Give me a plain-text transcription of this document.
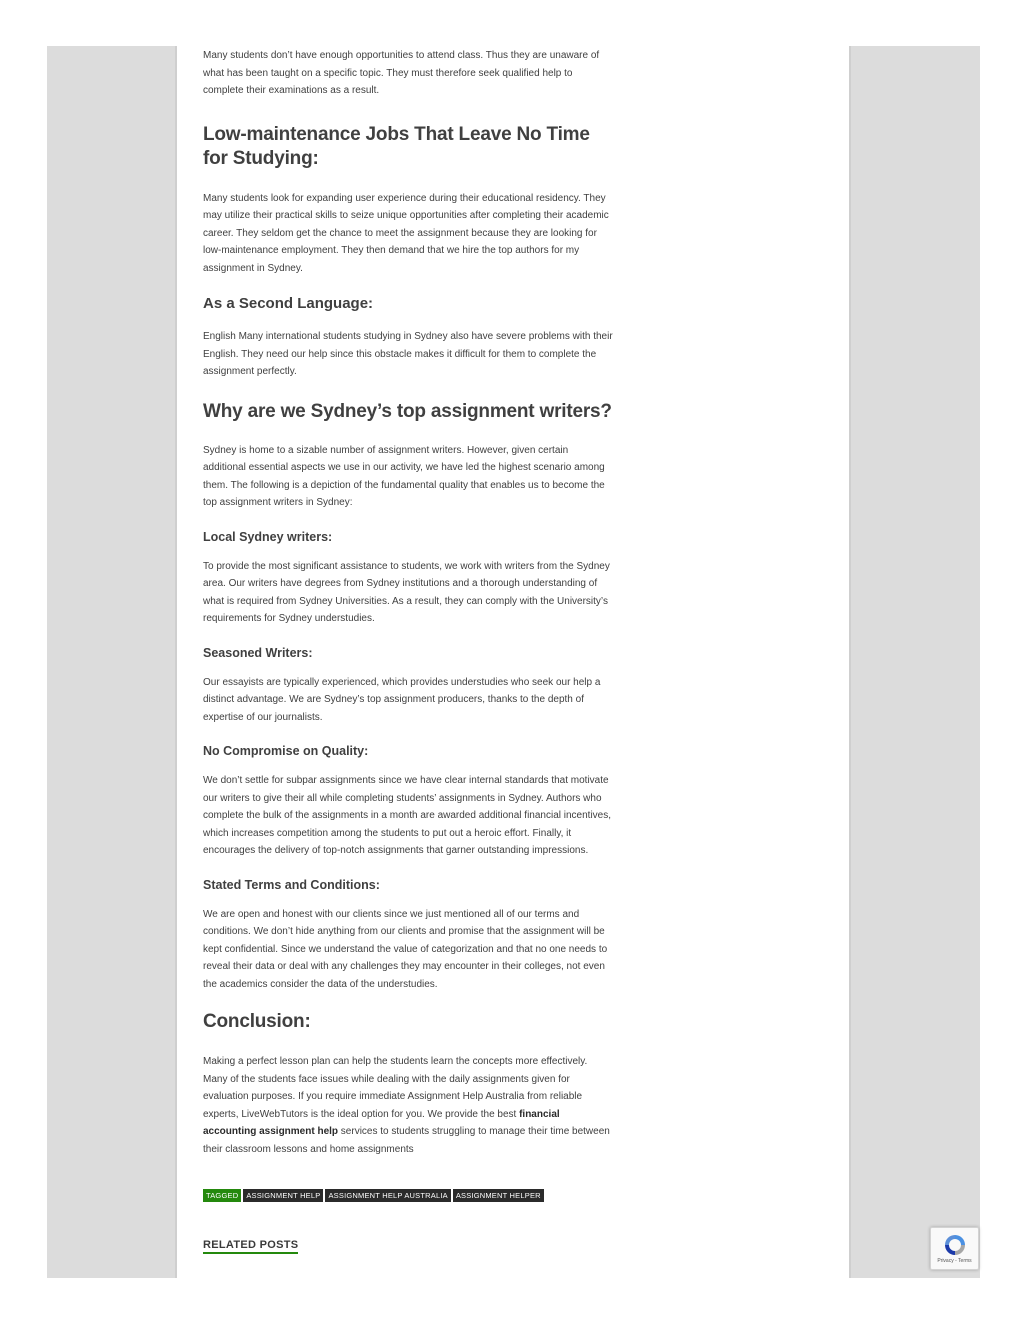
Many students don’t have enough opportunities to attend class. Thus they are unaware of what has been taught on a specific topic. They must therefore seek qualified help to complete their examinations as a result.

Low-maintenance Jobs That Leave No Time for Studying:

Many students look for expanding user experience during their educational residency. They may utilize their practical skills to seize unique opportunities after completing their academic career. They seldom get the chance to meet the assignment because they are looking for low-maintenance employment. They then demand that we hire the top authors for my assignment in Sydney.

As a Second Language:

English Many international students studying in Sydney also have severe problems with their English. They need our help since this obstacle makes it difficult for them to complete the assignment perfectly.

Why are we Sydney’s top assignment writers?

Sydney is home to a sizable number of assignment writers. However, given certain additional essential aspects we use in our activity, we have led the highest scenario among them. The following is a depiction of the fundamental quality that enables us to become the top assignment writers in Sydney:

Local Sydney writers:

To provide the most significant assistance to students, we work with writers from the Sydney area. Our writers have degrees from Sydney institutions and a thorough understanding of what is required from Sydney Universities. As a result, they can comply with the University’s requirements for Sydney understudies.

Seasoned Writers:

Our essayists are typically experienced, which provides understudies who seek our help a distinct advantage. We are Sydney’s top assignment producers, thanks to the depth of expertise of our journalists.

No Compromise on Quality:

We don’t settle for subpar assignments since we have clear internal standards that motivate our writers to give their all while completing students’ assignments in Sydney. Authors who complete the bulk of the assignments in a month are awarded additional financial incentives, which increases competition among the students to put out a heroic effort. Finally, it encourages the delivery of top-notch assignments that garner outstanding impressions.

Stated Terms and Conditions:

We are open and honest with our clients since we just mentioned all of our terms and conditions. We don’t hide anything from our clients and promise that the assignment will be kept confidential. Since we understand the value of categorization and that no one needs to reveal their data or deal with any challenges they may encounter in their colleges, not even the academics consider the data of the understudies.

Conclusion:

Making a perfect lesson plan can help the students learn the concepts more effectively. Many of the students face issues while dealing with the daily assignments given for evaluation purposes. If you require immediate Assignment Help Australia from reliable experts, LiveWebTutors is the ideal option for you. We provide the best financial accounting assignment help services to students struggling to manage their time between their classroom lessons and home assignments

TAGGED	ASSIGNMENT HELP	ASSIGNMENT HELP AUSTRALIA	ASSIGNMENT HELPER
RELATED POSTS
Privacy - Terms
